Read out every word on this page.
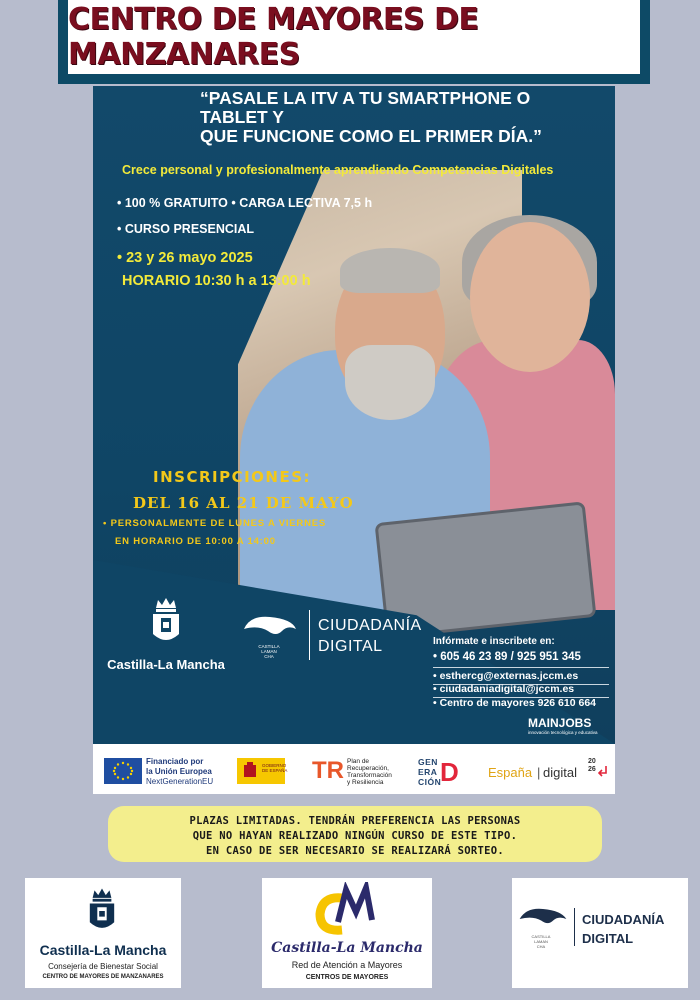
CENTRO DE MAYORES DE MANZANARES
“PASALE LA ITV A TU SMARTPHONE O
TABLET Y
QUE FUNCIONE COMO EL PRIMER DÍA.”
Crece personal y profesionalmente aprendiendo Competencias Digitales
• 100 % GRATUITO • CARGA LECTIVA 7,5 h
• CURSO PRESENCIAL
• 23 y 26 mayo 2025
HORARIO 10:30 h a 13:00 h
INSCRIPCIONES:
DEL 16 AL 21 DE MAYO
• PERSONALMENTE DE LUNES A VIERNES
EN HORARIO DE 10:00 A 14:00
Castilla-La Mancha
CASTILLA
LAMAN
CHA
CIUDADANÍA
DIGITAL	Infórmate e inscribete en:
• 605 46 23 89 / 925 951 345
• esthercg@externas.jccm.es
• ciudadaniadigital@jccm.es
• Centro de mayores 926 610 664
MAINJOBS
innovación tecnológica y educativa
Financiado por
la Unión Europea
NextGenerationEU
GOBIERNO
DE ESPAÑA TR Plan de
Recuperación,
Transformación
y Resiliencia
GEN
ERA
CIÓN
D España | digital
20
26
PLAZAS LIMITADAS. TENDRÁN PREFERENCIA LAS PERSONAS
QUE NO HAYAN REALIZADO NINGÚN CURSO DE ESTE TIPO.
EN CASO DE SER NECESARIO SE REALIZARÁ SORTEO.
Castilla-La Mancha
Consejería de Bienestar Social
CENTRO DE MAYORES DE MANZANARES
Castilla-La Mancha
Red de Atención a Mayores
CENTROS DE MAYORES
CASTILLA
LAMAN
CHA
CIUDADANÍA
DIGITAL
